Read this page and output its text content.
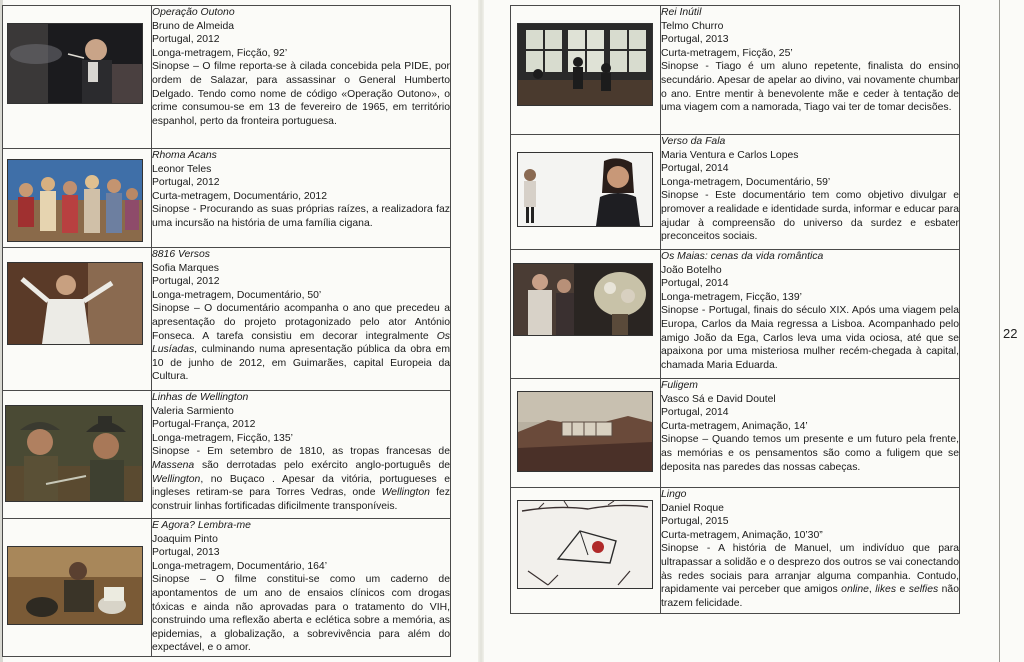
22

Operação Outono
Bruno de Almeida
Portugal, 2012
Longa-metragem, Ficção, 92’
Sinopse – O filme reporta-se à cilada concebida pela PIDE, por ordem de Salazar, para assassinar o General Humberto Delgado. Tendo como nome de código «Operação Outono», o crime consumou-se em 13 de fevereiro de 1965, em território espanhol, perto da fronteira portuguesa.

Rhoma Acans
Leonor Teles
Portugal, 2012
Curta-metragem, Documentário, 2012
Sinopse - Procurando as suas próprias raízes, a realizadora faz uma incursão na história de uma família cigana.

8816 Versos
Sofia Marques
Portugal, 2012
Longa-metragem, Documentário, 50’
Sinopse – O documentário acompanha o ano que precedeu a apresentação do projeto protagonizado pelo ator António Fonseca. A tarefa consistiu em decorar integralmente Os Lusíadas, culminando numa apresentação pública da obra em 10 de junho de 2012, em Guimarães, capital Europeia da Cultura.

Linhas de Wellington
Valeria Sarmiento
Portugal-França, 2012
Longa-metragem, Ficção, 135’
Sinopse - Em setembro de 1810, as tropas francesas de Massena são derrotadas pelo exército anglo-português de Wellington, no Buçaco . Apesar da vitória, portugueses e ingleses retiram-se para Torres Vedras, onde Wellington fez construir linhas fortificadas dificilmente transponíveis.

E Agora? Lembra-me
Joaquim Pinto
Portugal, 2013
Longa-metragem, Documentário, 164’
Sinopse – O filme constitui-se como um caderno de apontamentos de um ano de ensaios clínicos com drogas tóxicas e ainda não aprovadas para o tratamento do VIH, construindo uma reflexão aberta e eclética sobre a memória, as epidemias, a globalização, a sobrevivência para além do expectável, e o amor.

Rei Inútil
Telmo Churro
Portugal, 2013
Curta-metragem, Ficção, 25’
Sinopse - Tiago é um aluno repetente, finalista do ensino secundário. Apesar de apelar ao divino, vai novamente chumbar o ano. Entre mentir à benevolente mãe e ceder à tentação de uma viagem com a namorada, Tiago vai ter de tomar decisões.

Verso da Fala
Maria Ventura e Carlos Lopes
Portugal, 2014
Longa-metragem, Documentário, 59’
Sinopse - Este documentário tem como objetivo divulgar e promover a realidade e identidade surda, informar e educar para ajudar à compreensão do universo da surdez e esbater preconceitos sociais.

Os Maias: cenas da vida romântica
João Botelho
Portugal, 2014
Longa-metragem, Ficção, 139’
Sinopse - Portugal, finais do século XIX. Após uma viagem pela Europa, Carlos da Maia regressa a Lisboa. Acompanhado pelo amigo João da Ega, Carlos leva uma vida ociosa, até que se apaixona por uma misteriosa mulher recém-chegada à capital, chamada Maria Eduarda.

Fuligem
Vasco Sá e David Doutel
Portugal, 2014
Curta-metragem, Animação, 14’
Sinopse – Quando temos um presente e um futuro pela frente, as memórias e os pensamentos são como a fuligem que se deposita nas paredes das nossas cabeças.

Lingo
Daniel Roque
Portugal, 2015
Curta-metragem, Animação, 10’30”
Sinopse - A história de Manuel, um indivíduo que para ultrapassar a solidão e o desprezo dos outros se vai conectando às redes sociais para arranjar alguma companhia. Contudo, rapidamente vai perceber que amigos online, likes e selfies não trazem felicidade.
